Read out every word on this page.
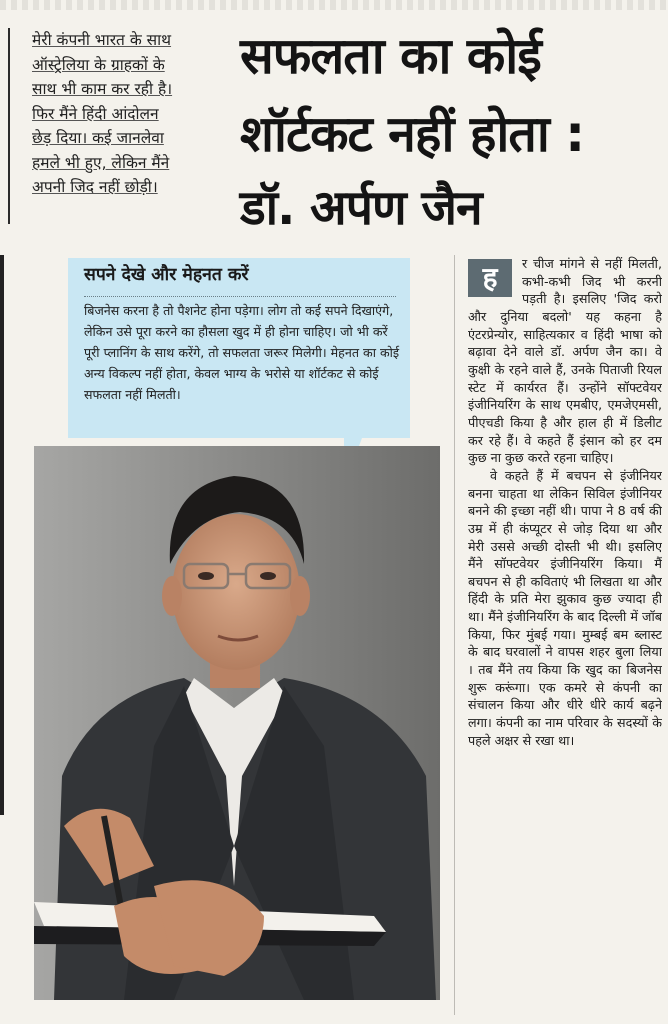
मेरी कंपनी भारत के साथ
ऑस्ट्रेलिया के ग्राहकों के
साथ भी काम कर रही है।
फिर मैंने हिंदी आंदोलन
छेड़ दिया। कई जानलेवा
हमले भी हुए, लेकिन मैंने
अपनी जिद नहीं छोड़ी।
सफलता का कोई
शॉर्टकट नहीं होता :
डॉ. अर्पण जैन
सपने देखे और मेहनत करें
बिजनेस करना है तो पैशनेट होना पड़ेगा। लोग तो कई सपने दिखाएंगे, लेकिन उसे पूरा करने का हौसला खुद में ही होना चाहिए। जो भी करें पूरी प्लानिंग के साथ करेंगे, तो सफलता जरूर मिलेगी। मेहनत का कोई अन्य विकल्प नहीं होता, केवल भाग्य के भरोसे या शॉर्टकट से कोई सफलता नहीं मिलती।
ह	र चीज मांगने से नहीं मिलती, कभी-कभी जिद भी करनी पड़ती है। इसलिए 'जिद करो और दुनिया बदलो' यह कहना है एंटरप्रेन्योर, साहित्यकार व हिंदी भाषा को बढ़ावा देने वाले डॉ. अर्पण जैन का। वे कुक्षी के रहने वाले हैं, उनके पिताजी रियल स्टेट में कार्यरत हैं। उन्होंने सॉफ्टवेयर इंजीनियरिंग के साथ एमबीए, एमजेएमसी, पीएचडी किया है और हाल ही में डिलीट कर रहे हैं। वे कहते हैं इंसान को हर दम कुछ ना कुछ करते रहना चाहिए।

वे कहते हैं में बचपन से इंजीनियर बनना चाहता था लेकिन सिविल इंजीनियर बनने की इच्छा नहीं थी। पापा ने 8 वर्ष की उम्र में ही कंप्यूटर से जोड़ दिया था और मेरी उससे अच्छी दोस्ती भी थी। इसलिए मैंने सॉफ्टवेयर इंजीनियरिंग किया। मैं बचपन से ही कविताएं भी लिखता था और हिंदी के प्रति मेरा झुकाव कुछ ज्यादा ही था। मैंने इंजीनियरिंग के बाद दिल्ली में जॉब किया, फिर मुंबई गया। मुम्बई बम ब्लास्ट के बाद घरवालों ने वापस शहर बुला लिया । तब मैंने तय किया कि खुद का बिजनेस शुरू करूंगा। एक कमरे से कंपनी का संचालन किया और धीरे धीरे कार्य बढ़ने लगा। कंपनी का नाम परिवार के सदस्यों के पहले अक्षर से रखा था।
